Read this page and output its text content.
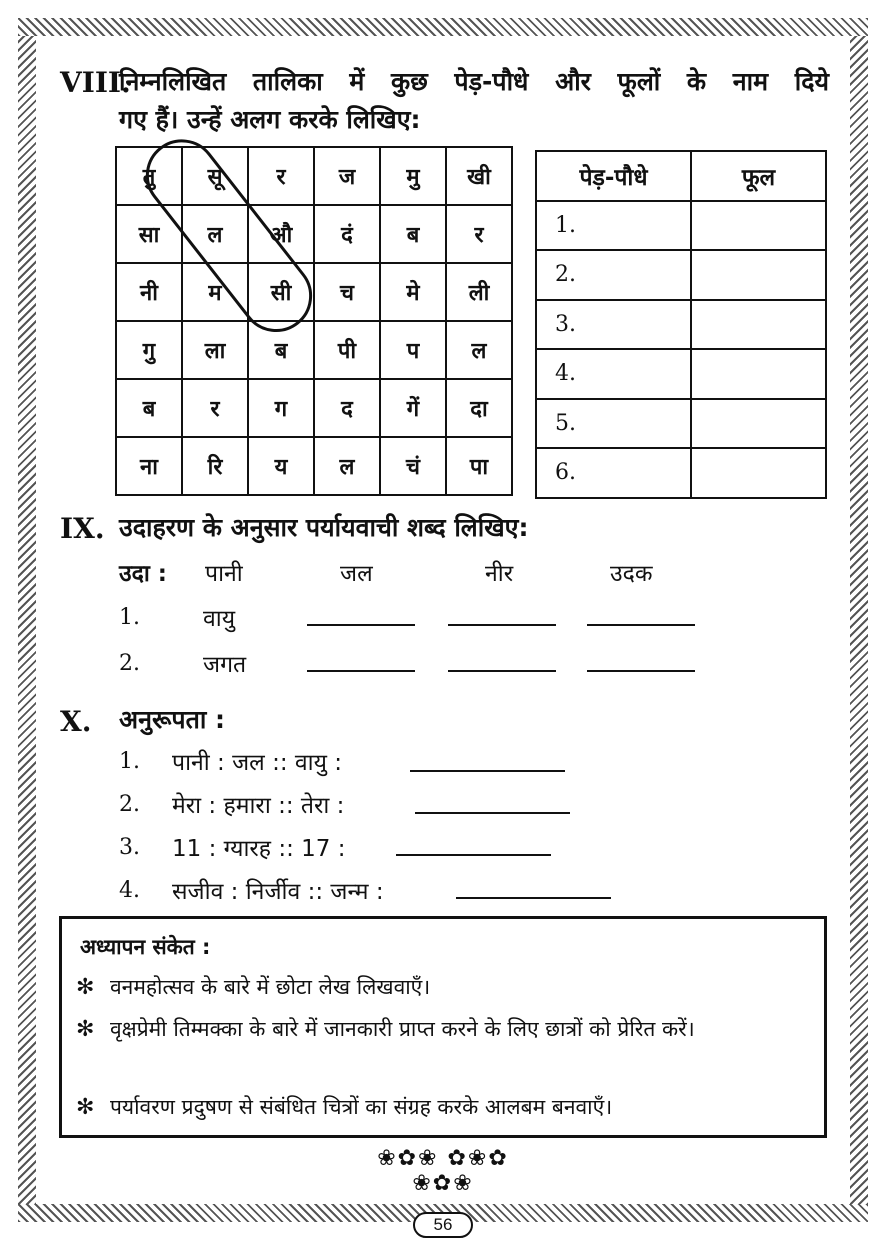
VIII.
निम्नलिखित तालिका में कुछ पेड़-पौधे और फूलों के नाम दिये
गए हैं। उन्हें अलग करके लिखिए:
तु	सू	र	ज	मु	खी
सा	ल	औ	दं	ब	र
नी	म	सी	च	मे	ली
गु	ला	ब	पी	प	ल
ब	र	ग	द	गें	दा
ना	रि	य	ल	चं	पा
पेड़-पौधे	फूल
1.	
2.	
3.	
4.	
5.	
6.	
IX. उदाहरण के अनुसार पर्यायवाची शब्द लिखिए:
उदा : पानी	जल	नीर	उदक
1.	वायु
2.	जगत
X. अनुरूपता :
1. पानी : जल :: वायु :
2. मेरा : हमारा :: तेरा :
3. 11 : ग्यारह :: 17 :
4. सजीव : निर्जीव :: जन्म :
अध्यापन संकेत :
✻ वनमहोत्सव के बारे में छोटा लेख लिखवाएँ।
✻ वृक्षप्रेमी तिम्मक्का के बारे में जानकारी प्राप्त करने के लिए छात्रों को प्रेरित करें।
✻ पर्यावरण प्रदुषण से संबंधित चित्रों का संग्रह करके आलबम बनवाएँ।
❀✿❀ ✿❀✿ ❀✿❀
56
